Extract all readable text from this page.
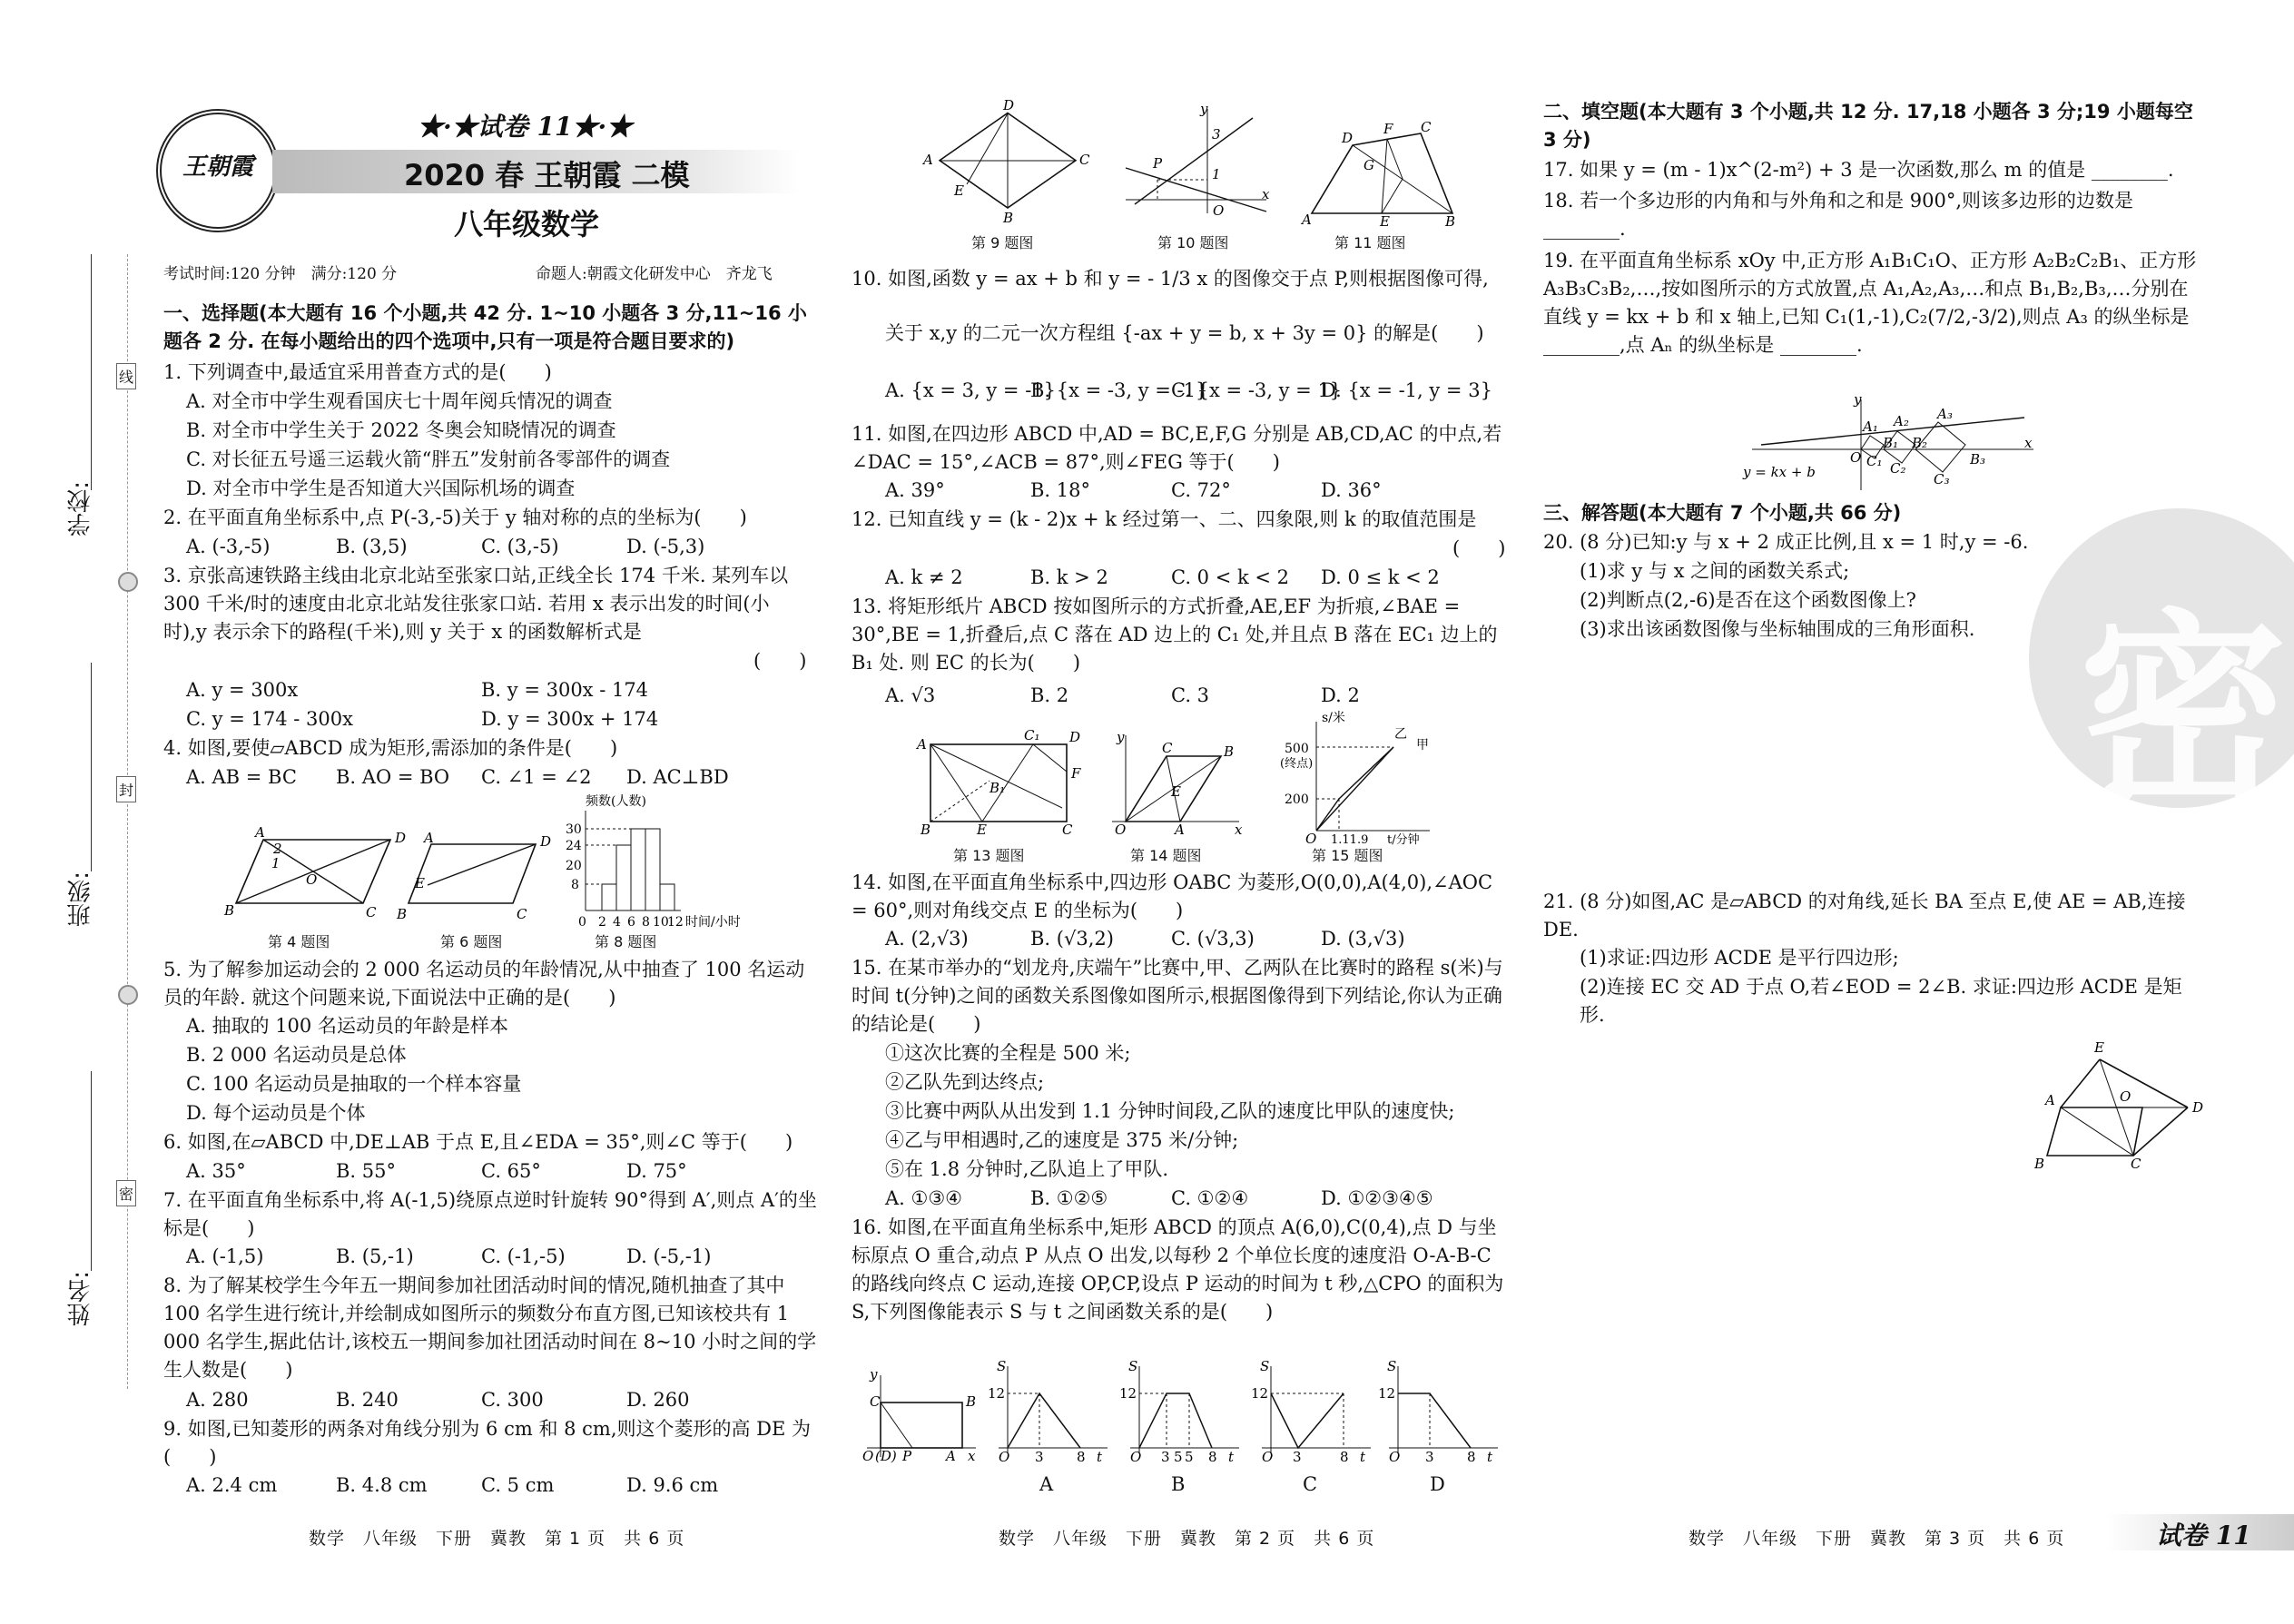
学校:
班级:
姓名:
线
封
密
王朝霞
★·★试卷 11★·★
2020 春 王朝霞 二模
八年级数学
考试时间:120 分钟　满分:120 分	命题人:朝霞文化研发中心　齐龙飞
一、选择题(本大题有 16 个小题,共 42 分. 1~10 小题各 3 分,11~16 小题各 2 分. 在每小题给出的四个选项中,只有一项是符合题目要求的)
1. 下列调查中,最适宜采用普查方式的是(　　)
A. 对全市中学生观看国庆七十周年阅兵情况的调查
B. 对全市中学生关于 2022 冬奥会知晓情况的调查
C. 对长征五号遥三运载火箭“胖五”发射前各零部件的调查
D. 对全市中学生是否知道大兴国际机场的调查
2. 在平面直角坐标系中,点 P(-3,-5)关于 y 轴对称的点的坐标为(　　)
A. (-3,-5)	B. (3,5)	C. (3,-5)	D. (-5,3)
3. 京张高速铁路主线由北京北站至张家口站,正线全长 174 千米. 某列车以 300 千米/时的速度由北京北站发往张家口站. 若用 x 表示出发的时间(小时),y 表示余下的路程(千米),则 y 关于 x 的函数解析式是
(　　)
A. y = 300x	B. y = 300x - 174
C. y = 174 - 300x	D. y = 300x + 174
4. 如图,要使▱ABCD 成为矩形,需添加的条件是(　　)
A. AB = BC B. AO = BO C. ∠1 = ∠2 D. AC⊥BD
A	D
B	C
O
2
1
第 4 题图
A	D
B	C
E
第 6 题图
频数(人数)
30
24
20
8
0 2 4 6 8 10
12 时间/小时
第 8 题图
5. 为了解参加运动会的 2 000 名运动员的年龄情况,从中抽查了 100 名运动员的年龄. 就这个问题来说,下面说法中正确的是(　　)
A. 抽取的 100 名运动员的年龄是样本
B. 2 000 名运动员是总体
C. 100 名运动员是抽取的一个样本容量
D. 每个运动员是个体
6. 如图,在▱ABCD 中,DE⊥AB 于点 E,且∠EDA = 35°,则∠C 等于(　　)
A. 35°	B. 55°	C. 65°	D. 75°
7. 在平面直角坐标系中,将 A(-1,5)绕原点逆时针旋转 90°得到 A′,则点 A′的坐标是(　　)
A. (-1,5)	B. (5,-1)	C. (-1,-5)	D. (-5,-1)
8. 为了解某校学生今年五一期间参加社团活动时间的情况,随机抽查了其中 100 名学生进行统计,并绘制成如图所示的频数分布直方图,已知该校共有 1 000 名学生,据此估计,该校五一期间参加社团活动时间在 8~10 小时之间的学生人数是(　　)
A. 280	B. 240	C. 300	D. 260
9. 如图,已知菱形的两条对角线分别为 6 cm 和 8 cm,则这个菱形的高 DE 为(　　)
A. 2.4 cm	B. 4.8 cm	C. 5 cm	D. 9.6 cm
数学　八年级　下册　冀教　第 1 页　共 6 页
D
A	C
B
E
第 9 题图
P
3
1
O
y
x
第 10 题图
D
F C
G
A	E	B
第 11 题图
10. 如图,函数 y = ax + b 和 y = - 1/3 x 的图像交于点 P,则根据图像可得,
关于 x,y 的二元一次方程组 {-ax + y = b, x + 3y = 0} 的解是(　　)
A. {x = 3, y = -1}
B. {x = -3, y = -1}
C. {x = -3, y = 1}
D. {x = -1, y = 3}
11. 如图,在四边形 ABCD 中,AD = BC,E,F,G 分别是 AB,CD,AC 的中点,若∠DAC = 15°,∠ACB = 87°,则∠FEG 等于(　　)
A. 39°	B. 18°	C. 72°	D. 36°
12. 已知直线 y = (k - 2)x + k 经过第一、二、四象限,则 k 的取值范围是
(　　)
A. k ≠ 2	B. k > 2	C. 0 < k < 2 D. 0 ≤ k < 2
13. 将矩形纸片 ABCD 按如图所示的方式折叠,AE,EF 为折痕,∠BAE = 30°,BE = 1,折叠后,点 C 落在 AD 边上的 C₁ 处,并且点 B 落在 EC₁ 边上的 B₁ 处. 则 EC 的长为(　　)
A. √3	B. 2	C. 3	D. 2
A
C₁ D
F
B₁
B	E	C
第 13 题图
y
C	B
E
O	A	x
第 14 题图
s/米
500
(终点)
200
乙
甲
O 1.11.9 t/分钟
第 15 题图
14. 如图,在平面直角坐标系中,四边形 OABC 为菱形,O(0,0),A(4,0),∠AOC = 60°,则对角线交点 E 的坐标为(　　)
A. (2,√3)	B. (√3,2)	C. (√3,3)	D. (3,√3)
15. 在某市举办的“划龙舟,庆端午”比赛中,甲、乙两队在比赛时的路程 s(米)与时间 t(分钟)之间的函数关系图像如图所示,根据图像得到下列结论,你认为正确的结论是(　　)
①这次比赛的全程是 500 米;
②乙队先到达终点;
③比赛中两队从出发到 1.1 分钟时间段,乙队的速度比甲队的速度快;
④乙与甲相遇时,乙的速度是 375 米/分钟;
⑤在 1.8 分钟时,乙队追上了甲队.
A. ①③④	B. ①②⑤	C. ①②④	D. ①②③④⑤
16. 如图,在平面直角坐标系中,矩形 ABCD 的顶点 A(6,0),C(0,4),点 D 与坐标原点 O 重合,动点 P 从点 O 出发,以每秒 2 个单位长度的速度沿 O-A-B-C 的路线向终点 C 运动,连接 OP,CP,设点 P 运动的时间为 t 秒,△CPO 的面积为 S,下列图像能表示 S 与 t 之间函数关系的是(　　)
y
C	B
O (D) P	A x
S
12
O 3 8 t
S
12
O 3 5 5 8 t
S
12
O 3	8 t
S
12
O 3 8 t
A	B	C	D
数学　八年级　下册　冀教　第 2 页　共 6 页
密
二、填空题(本大题有 3 个小题,共 12 分. 17,18 小题各 3 分;19 小题每空 3 分)
17. 如果 y = (m - 1)x^(2-m²) + 3 是一次函数,那么 m 的值是 ________.
18. 若一个多边形的内角和与外角和之和是 900°,则该多边形的边数是 ________.
19. 在平面直角坐标系 xOy 中,正方形 A₁B₁C₁O、正方形 A₂B₂C₂B₁、正方形 A₃B₃C₃B₂,…,按如图所示的方式放置,点 A₁,A₂,A₃,…和点 B₁,B₂,B₃,…分别在直线 y = kx + b 和 x 轴上,已知 C₁(1,-1),C₂(7/2,-3/2),则点 A₃ 的纵坐标是 ________,点 Aₙ 的纵坐标是 ________.
y
A₁ A₂ A₃
C₁ C₂
C₃
B₁ B₂
B₃
O
x
y = kx + b
三、解答题(本大题有 7 个小题,共 66 分)
20. (8 分)已知:y 与 x + 2 成正比例,且 x = 1 时,y = -6.
(1)求 y 与 x 之间的函数关系式;
(2)判断点(2,-6)是否在这个函数图像上?
(3)求出该函数图像与坐标轴围成的三角形面积.
21. (8 分)如图,AC 是▱ABCD 的对角线,延长 BA 至点 E,使 AE = AB,连接 DE.
(1)求证:四边形 ACDE 是平行四边形;
(2)连接 EC 交 AD 于点 O,若∠EOD = 2∠B. 求证:四边形 ACDE 是矩形.
E
A	O
D
B	C
数学　八年级　下册　冀教　第 3 页　共 6 页	试卷 11
